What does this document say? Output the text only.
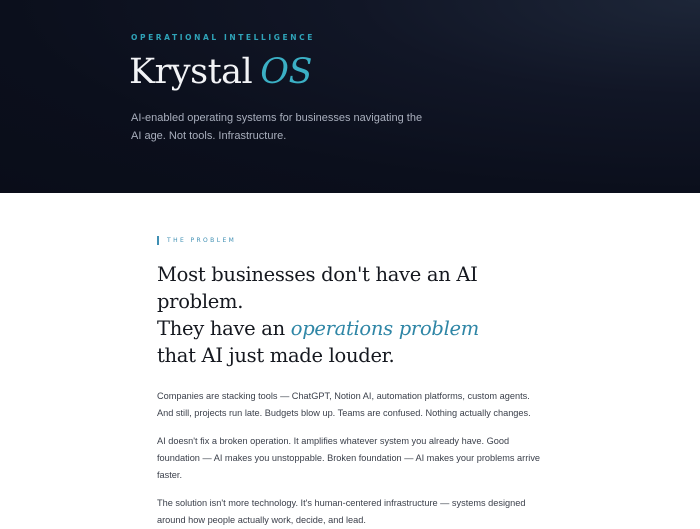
OPERATIONAL INTELLIGENCE
Krystal OS

AI-enabled operating systems for businesses navigating the AI age. Not tools. Infrastructure.

THE PROBLEM
Most businesses don't have an AI problem.
They have an operations problem
that AI just made louder.

Companies are stacking tools — ChatGPT, Notion AI, automation platforms, custom agents. And still, projects run late. Budgets blow up. Teams are confused. Nothing actually changes.

AI doesn't fix a broken operation. It amplifies whatever system you already have. Good foundation — AI makes you unstoppable. Broken foundation — AI makes your problems arrive faster.

The solution isn't more technology. It's human-centered infrastructure — systems designed around how people actually work, decide, and lead.
